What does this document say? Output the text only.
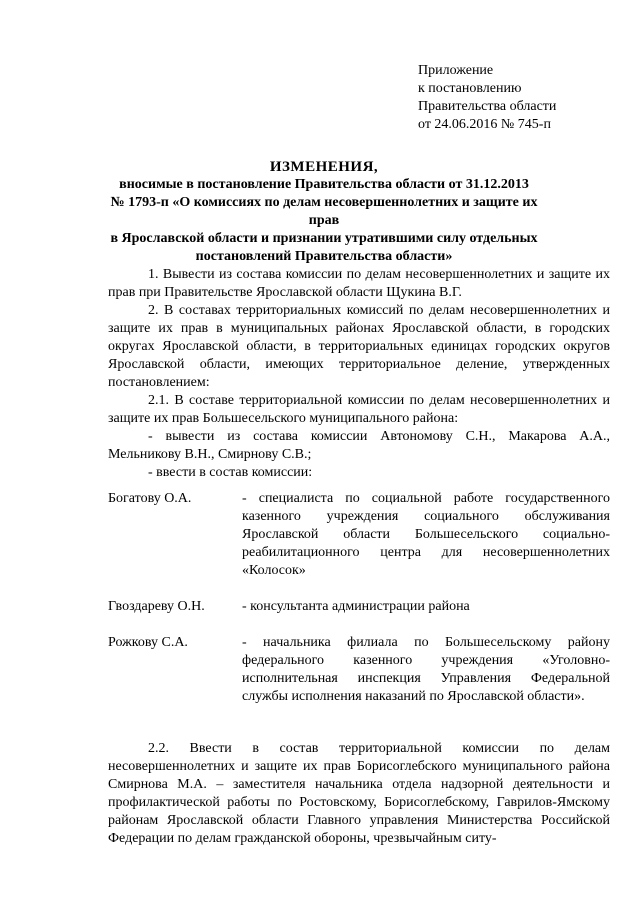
Приложение
к постановлению
Правительства области
от 24.06.2016 № 745-п
ИЗМЕНЕНИЯ,
вносимые в постановление Правительства области от 31.12.2013
№ 1793-п «О комиссиях по делам несовершеннолетних и защите их прав
в Ярославской области и признании утратившими силу отдельных
постановлений Правительства области»
1. Вывести из состава комиссии по делам несовершеннолетних и защите их прав при Правительстве Ярославской области Щукина В.Г.
2. В составах территориальных комиссий по делам несовершеннолетних и защите их прав в муниципальных районах Ярославской области, в городских округах Ярославской области, в территориальных единицах городских округов Ярославской области, имеющих территориальное деление, утвержденных постановлением:
2.1. В составе территориальной комиссии по делам несовершеннолетних и защите их прав Большесельского муниципального района:
- вывести из состава комиссии Автономову С.Н., Макарова А.А., Мельникову В.Н., Смирнову С.В.;
- ввести в состав комиссии:
Богатову О.А.	- специалиста по социальной работе государственного казенного учреждения социального обслуживания Ярославской области Большесельского социально-реабилитационного центра для несовершеннолетних «Колосок»
Гвоздареву О.Н.	- консультанта администрации района
Рожкову С.А.	- начальника филиала по Большесельскому району федерального казенного учреждения «Уголовно-исполнительная инспекция Управления Федеральной службы исполнения наказаний по Ярославской области».
2.2. Ввести в состав территориальной комиссии по делам несовершеннолетних и защите их прав Борисоглебского муниципального района Смирнова М.А. – заместителя начальника отдела надзорной деятельности и профилактической работы по Ростовскому, Борисоглебскому, Гаврилов-Ямскому районам Ярославской области Главного управления Министерства Российской Федерации по делам гражданской обороны, чрезвычайным ситу-
